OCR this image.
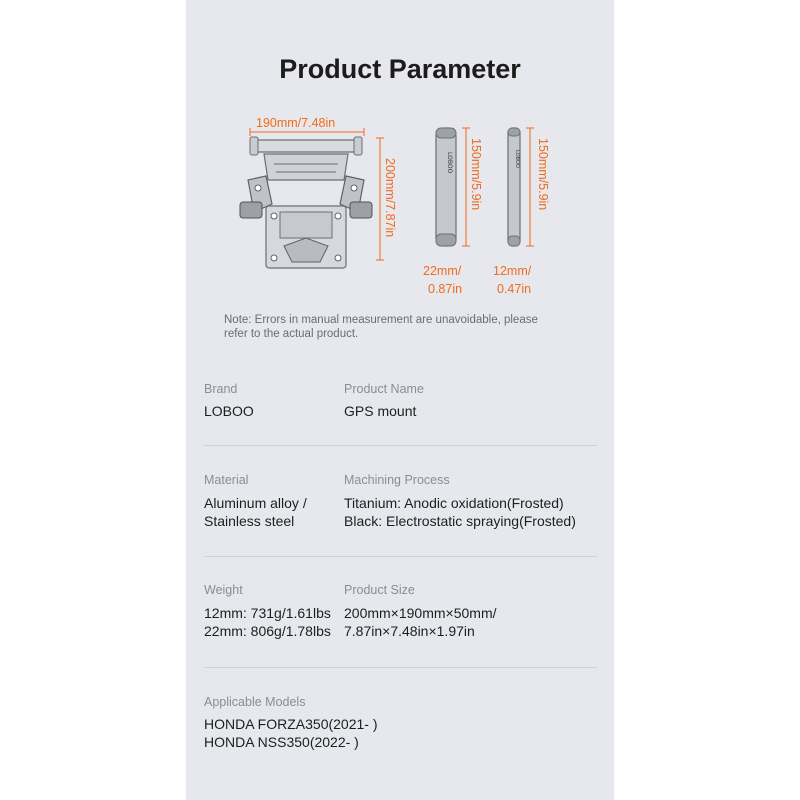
Product Parameter
190mm/7.48in
200mm/7.87in	LOBOO 150mm/5.9in
22mm/
0.87in
LOBOO 150mm/5.9in
12mm/
0.47in
Note: Errors in manual measurement are unavoidable, please
refer to the actual product.
Brand
LOBOO
Product Name
GPS mount
Material
Aluminum alloy /
Stainless steel
Machining Process
Titanium: Anodic oxidation(Frosted)
Black: Electrostatic spraying(Frosted)
Weight
12mm: 731g/1.61lbs
22mm: 806g/1.78lbs
Product Size
200mm×190mm×50mm/
7.87in×7.48in×1.97in
Applicable Models
HONDA FORZA350(2021- )
HONDA NSS350(2022- )
